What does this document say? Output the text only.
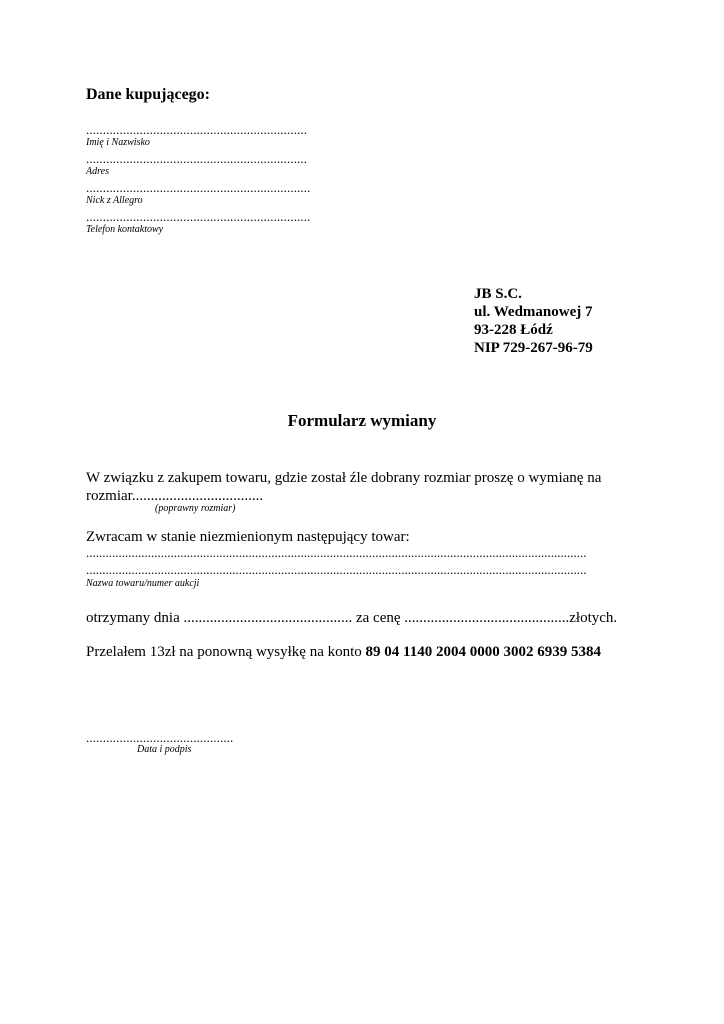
Dane kupującego:
..................................................................
Imię i Nazwisko
..................................................................
Adres
...................................................................
Nick z Allegro
...................................................................
Telefon kontaktowy
JB S.C.
ul. Wedmanowej 7
93-228 Łódź
NIP 729-267-96-79
Formularz wymiany
W związku z zakupem towaru, gdzie został źle dobrany rozmiar proszę o wymianę na
rozmiar...................................
(poprawny rozmiar)
Zwracam w stanie niezmienionym następujący towar:
..........................................................................................................................................................
..........................................................................................................................................................
Nazwa towaru/numer aukcji
otrzymany dnia ............................................. za cenę ............................................złotych.
Przelałem 13zł na ponowną wysyłkę na konto 89 04 1140 2004 0000 3002 6939 5384
............................................
Data i podpis
